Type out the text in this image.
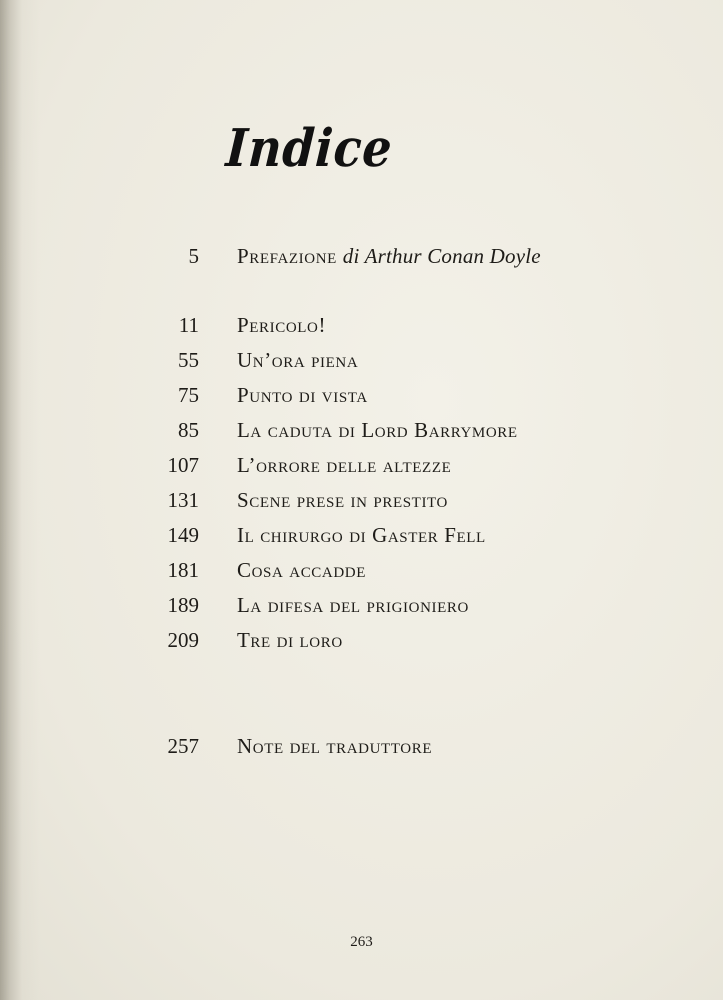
Indice
5 Prefazione di Arthur Conan Doyle
11 Pericolo!
55 Un’ora piena
75 Punto di vista
85 La caduta di Lord Barrymore
107 L’orrore delle altezze
131 Scene prese in prestito
149 Il chirurgo di Gaster Fell
181 Cosa accadde
189 La difesa del prigioniero
209 Tre di loro
257 Note del traduttore
263
